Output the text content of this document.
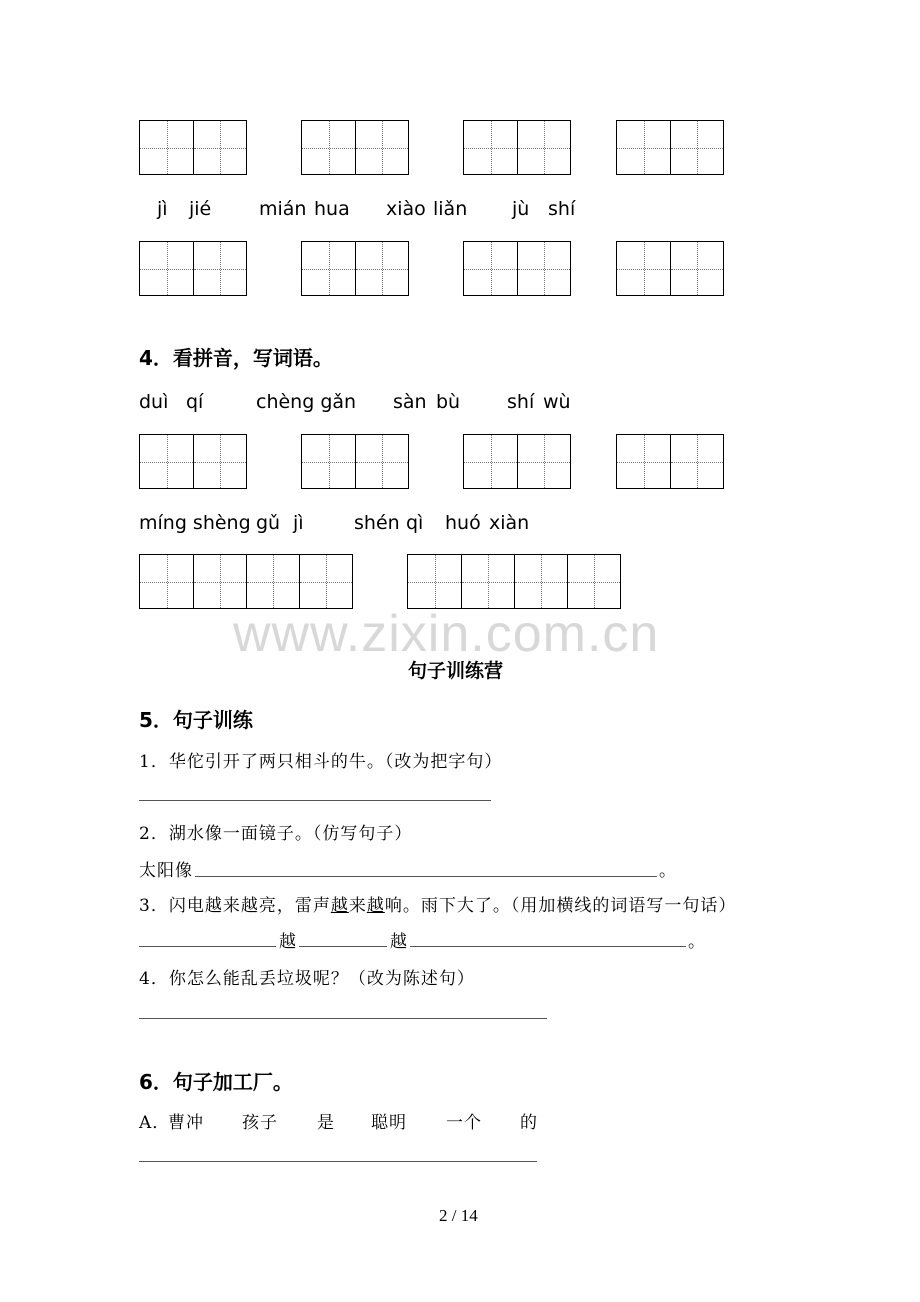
jì jié	mián hua xiào liǎn jù shí
4．看拼音，写词语。
duì qí	chèng gǎn sàn bù shí wù
míng shèng gǔ jì	shén qì huó xiàn
www.zixin.com.cn
句子训练营
5．句子训练
1．华佗引开了两只相斗的牛。（改为把字句）
2．湖水像一面镜子。（仿写句子）
太阳像	。
3．闪电越来越亮，雷声越来越响。雨下大了。（用加横线的词语写一句话）
越	越	。
4．你怎么能乱丢垃圾呢？（改为陈述句）
6．句子加工厂。
A．
曹冲 孩子 是 聪明 一个 的
2 / 14
